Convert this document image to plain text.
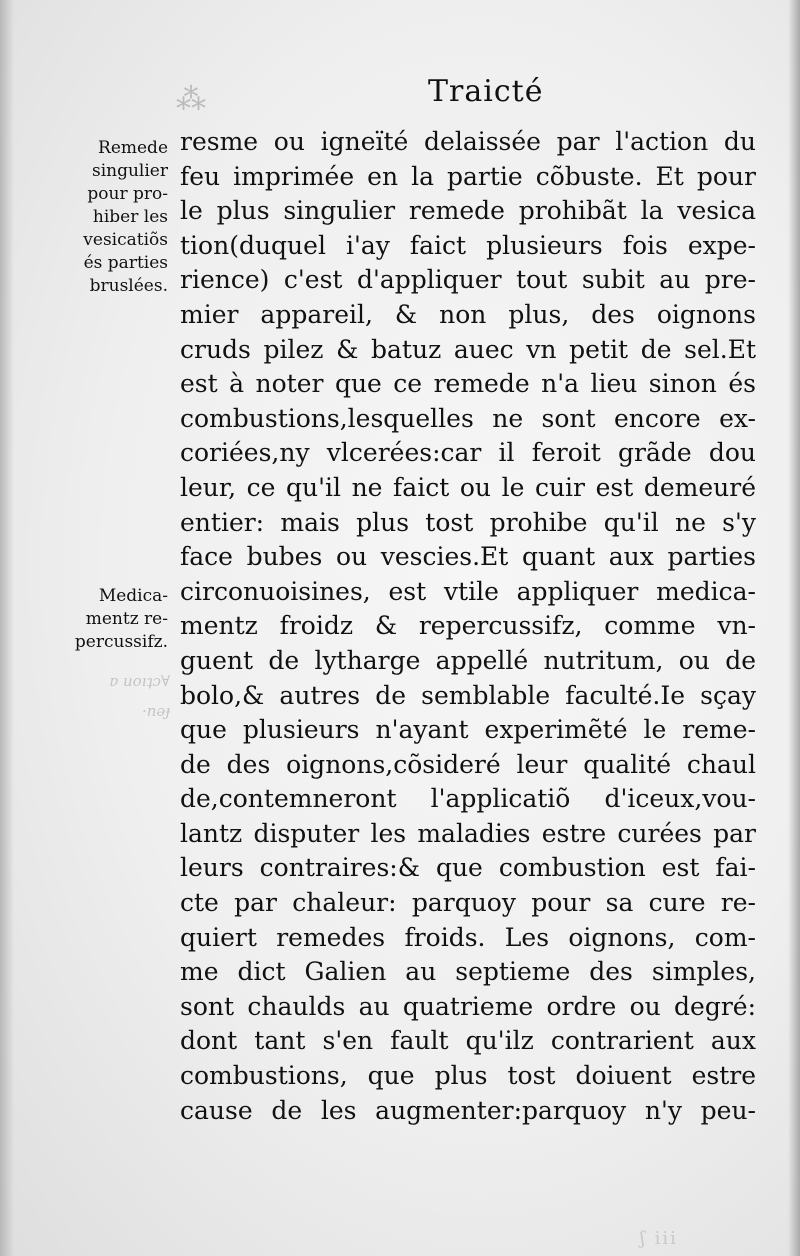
⁂	Traicté
Remede
singulier
pour pro-
hiber les
vesicatiõs
és parties
bruslées.
Medica-
mentz re-
percussifz.
ɐ uoıʇɔ∀
·nǝɟ
resme ou igneïté delaissée par l'action du
feu imprimée en la partie cõbuste. Et pour
le plus singulier remede prohibãt la vesica
tion(duquel i'ay faict plusieurs fois expe-
rience) c'est d'appliquer tout subit au pre-
mier appareil, & non plus, des oignons
cruds pilez & batuz auec vn petit de sel.Et
est à noter que ce remede n'a lieu sinon és
combustions,lesquelles ne sont encore ex-
coriées,ny vlcerées:car il feroit grãde dou
leur, ce qu'il ne faict ou le cuir est demeuré
entier: mais plus tost prohibe qu'il ne s'y
face bubes ou vescies.Et quant aux parties
circonuoisines, est vtile appliquer medica-
mentz froidz & repercussifz, comme vn-
guent de lytharge appellé nutritum, ou de
bolo,& autres de semblable faculté.Ie sçay
que plusieurs n'ayant experimẽté le reme-
de des oignons,cõsideré leur qualité chaul
de,contemneront l'applicatiõ d'iceux,vou-
lantz disputer les maladies estre curées par
leurs contraires:& que combustion est fai-
cte par chaleur: parquoy pour sa cure re-
quiert remedes froids. Les oignons, com-
me dict Galien au septieme des simples,
sont chaulds au quatrieme ordre ou degré:
dont tant s'en fault qu'ilz contrarient aux
combustions, que plus tost doiuent estre
cause de les augmenter:parquoy n'y peu-
ʃ iii
